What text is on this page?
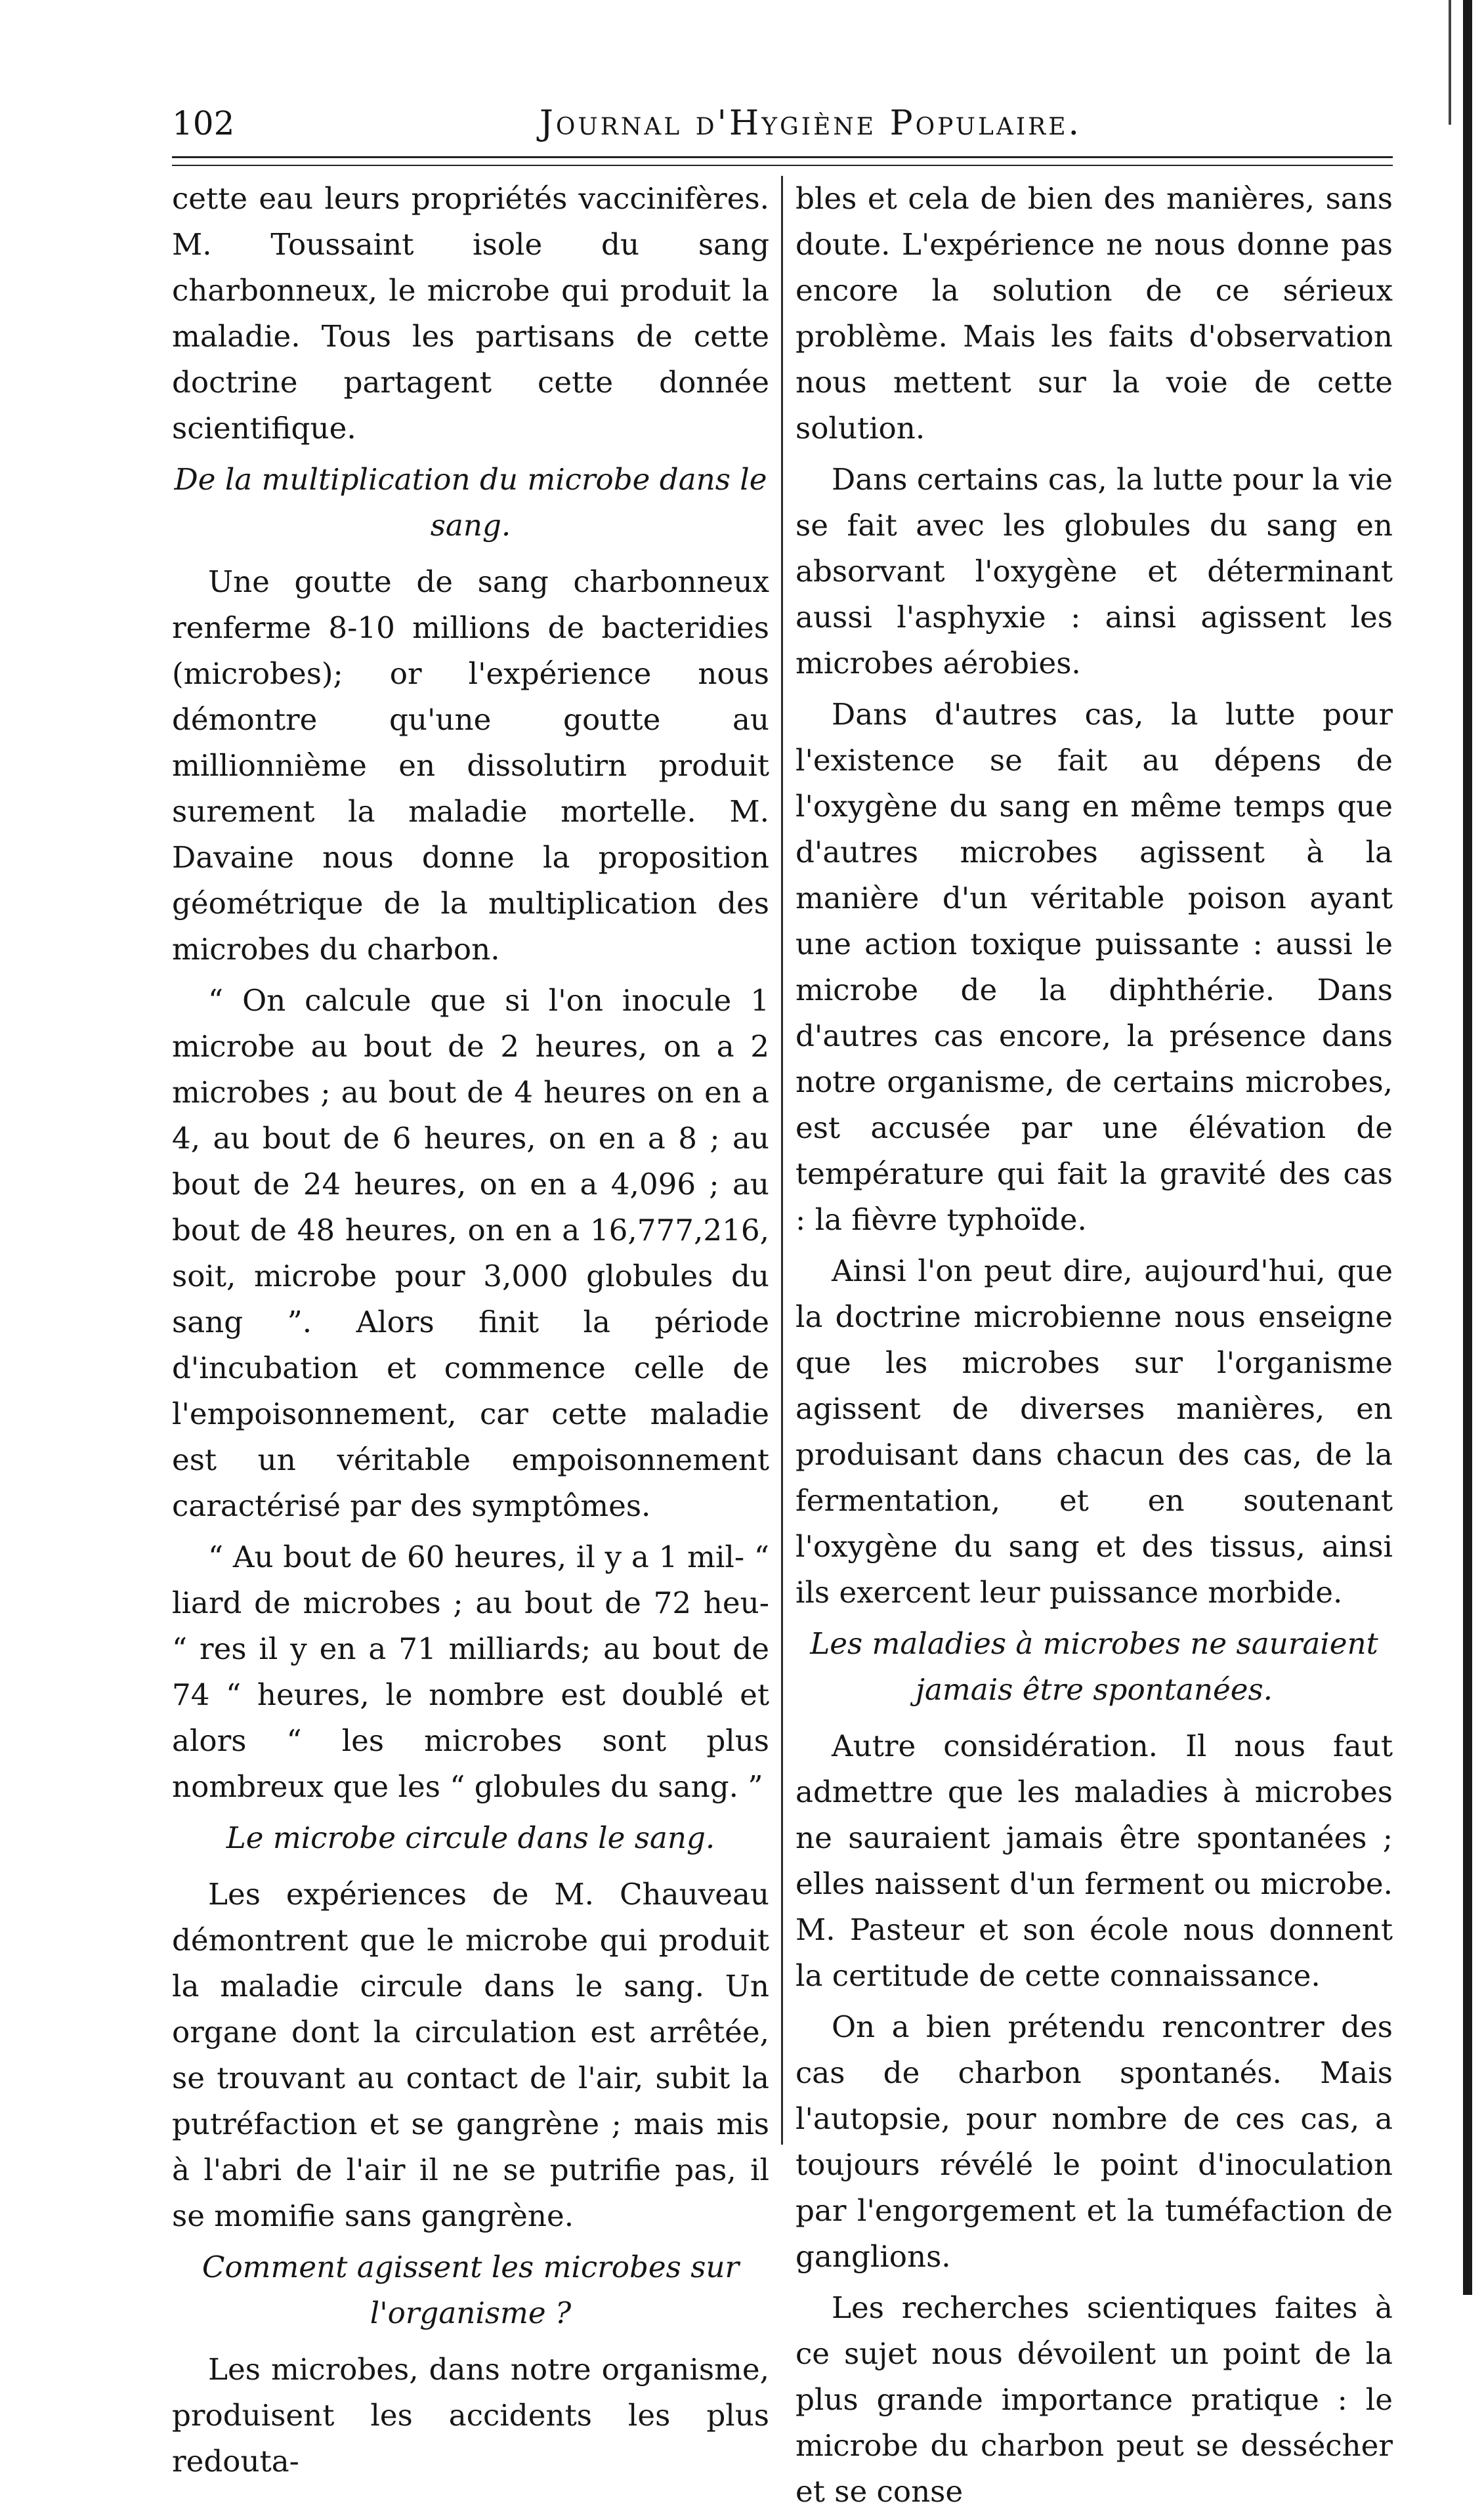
102	Journal d'Hygiène Populaire.

cette eau leurs propriétés vaccinifères. M. Toussaint isole du sang charbonneux, le microbe qui produit la maladie. Tous les partisans de cette doctrine partagent cette donnée scientifique.

De la multiplication du microbe dans le sang.

Une goutte de sang charbonneux renferme 8-10 millions de bacteridies (microbes); or l'expérience nous démontre qu'une goutte au millionnième en dissolutirn produit surement la maladie mortelle. M. Davaine nous donne la proposition géométrique de la multiplication des microbes du charbon.

“ On calcule que si l'on inocule 1 microbe au bout de 2 heures, on a 2 microbes ; au bout de 4 heures on en a 4, au bout de 6 heures, on en a 8 ; au bout de 24 heures, on en a 4,096 ; au bout de 48 heures, on en a 16,777,216, soit, microbe pour 3,000 globules du sang ”. Alors finit la période d'incubation et commence celle de l'empoisonnement, car cette maladie est un véritable empoisonnement caractérisé par des symptômes.

“ Au bout de 60 heures, il y a 1 mil- “ liard de microbes ; au bout de 72 heu- “ res il y en a 71 milliards; au bout de 74 “ heures, le nombre est doublé et alors “ les microbes sont plus nombreux que les “ globules du sang. ”

Le microbe circule dans le sang.

Les expériences de M. Chauveau démontrent que le microbe qui produit la maladie circule dans le sang. Un organe dont la circulation est arrêtée, se trouvant au contact de l'air, subit la putréfaction et se gangrène ; mais mis à l'abri de l'air il ne se putrifie pas, il se momifie sans gangrène.

Comment agissent les microbes sur l'organisme ?

Les microbes, dans notre organisme, produisent les accidents les plus redouta-

bles et cela de bien des manières, sans doute. L'expérience ne nous donne pas encore la solution de ce sérieux problème. Mais les faits d'observation nous mettent sur la voie de cette solution.

Dans certains cas, la lutte pour la vie se fait avec les globules du sang en absorvant l'oxygène et déterminant aussi l'asphyxie : ainsi agissent les microbes aérobies.

Dans d'autres cas, la lutte pour l'existence se fait au dépens de l'oxygène du sang en même temps que d'autres microbes agissent à la manière d'un véritable poison ayant une action toxique puissante : aussi le microbe de la diphthérie. Dans d'autres cas encore, la présence dans notre organisme, de certains microbes, est accusée par une élévation de température qui fait la gravité des cas : la fièvre typhoïde.

Ainsi l'on peut dire, aujourd'hui, que la doctrine microbienne nous enseigne que les microbes sur l'organisme agissent de diverses manières, en produisant dans chacun des cas, de la fermentation, et en soutenant l'oxygène du sang et des tissus, ainsi ils exercent leur puissance morbide.

Les maladies à microbes ne sauraient jamais être spontanées.

Autre considération. Il nous faut admettre que les maladies à microbes ne sauraient jamais être spontanées ; elles naissent d'un ferment ou microbe. M. Pasteur et son école nous donnent la certitude de cette connaissance.

On a bien prétendu rencontrer des cas de charbon spontanés. Mais l'autopsie, pour nombre de ces cas, a toujours révélé le point d'inoculation par l'engorgement et la tuméfaction de ganglions.

Les recherches scientiques faites à ce sujet nous dévoilent un point de la plus grande importance pratique : le microbe du charbon peut se dessécher et se conse
